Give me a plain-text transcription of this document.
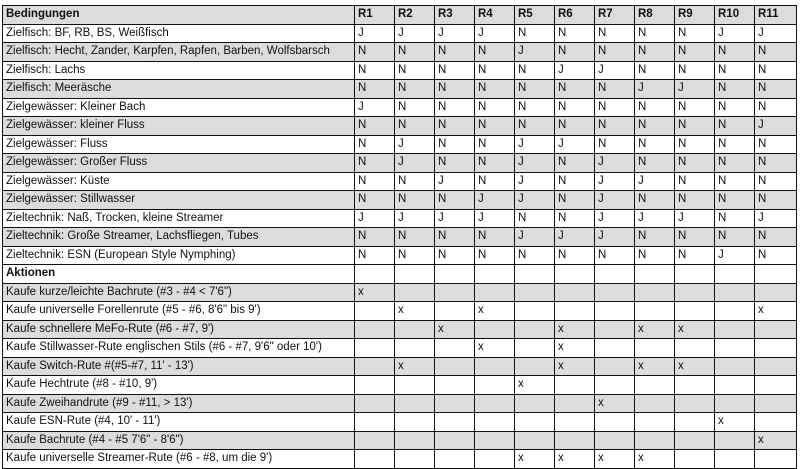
Bedingungen	R1	R2	R3	R4	R5	R6	R7	R8	R9	R10	R11
Zielfisch: BF, RB, BS, Weißfisch	J	J	J	J	N	N	N	N	N	J	J
Zielfisch: Hecht, Zander, Karpfen, Rapfen, Barben, Wolfsbarsch	N	N	N	N	J	N	N	N	N	N	N
Zielfisch: Lachs	N	N	N	N	N	J	J	N	N	N	N
Zielfisch: Meeräsche	N	N	N	N	N	N	N	J	J	N	N
Zielgewässer: Kleiner Bach	J	N	N	N	N	N	N	N	N	N	N
Zielgewässer: kleiner Fluss	N	N	N	N	N	N	N	N	N	N	J
Zielgewässer: Fluss	N	J	N	N	J	J	N	N	N	N	N
Zielgewässer: Großer Fluss	N	J	N	N	J	N	J	N	N	N	N
Zielgewässer: Küste	N	N	J	N	J	N	J	J	N	N	N
Zielgewässer: Stillwasser	N	N	N	J	J	N	J	N	N	N	N
Zieltechnik: Naß, Trocken, kleine Streamer	J	J	J	J	N	N	J	J	J	N	J
Zieltechnik: Große Streamer, Lachsfliegen, Tubes	N	N	N	N	J	J	J	N	N	N	N
Zieltechnik: ESN (European Style Nymphing)	N	N	N	N	N	N	N	N	N	J	N
Aktionen											
Kaufe kurze/leichte Bachrute (#3 - #4 < 7'6")	x										
Kaufe universelle Forellenrute (#5 - #6, 8'6" bis 9')		x		x							x
Kaufe schnellere MeFo-Rute (#6 - #7, 9')			x			x		x	x		
Kaufe Stillwasser-Rute englischen Stils (#6 - #7, 9'6" oder 10')				x		x					
Kaufe Switch-Rute #(#5-#7, 11' - 13')		x				x		x	x		
Kaufe Hechtrute (#8 - #10, 9')					x						
Kaufe Zweihandrute (#9 - #11, > 13')							x				
Kaufe ESN-Rute (#4, 10' - 11')										x	
Kaufe Bachrute (#4 - #5 7'6" - 8'6")											x
Kaufe universelle Streamer-Rute (#6 - #8, um die 9')					x	x	x	x			
